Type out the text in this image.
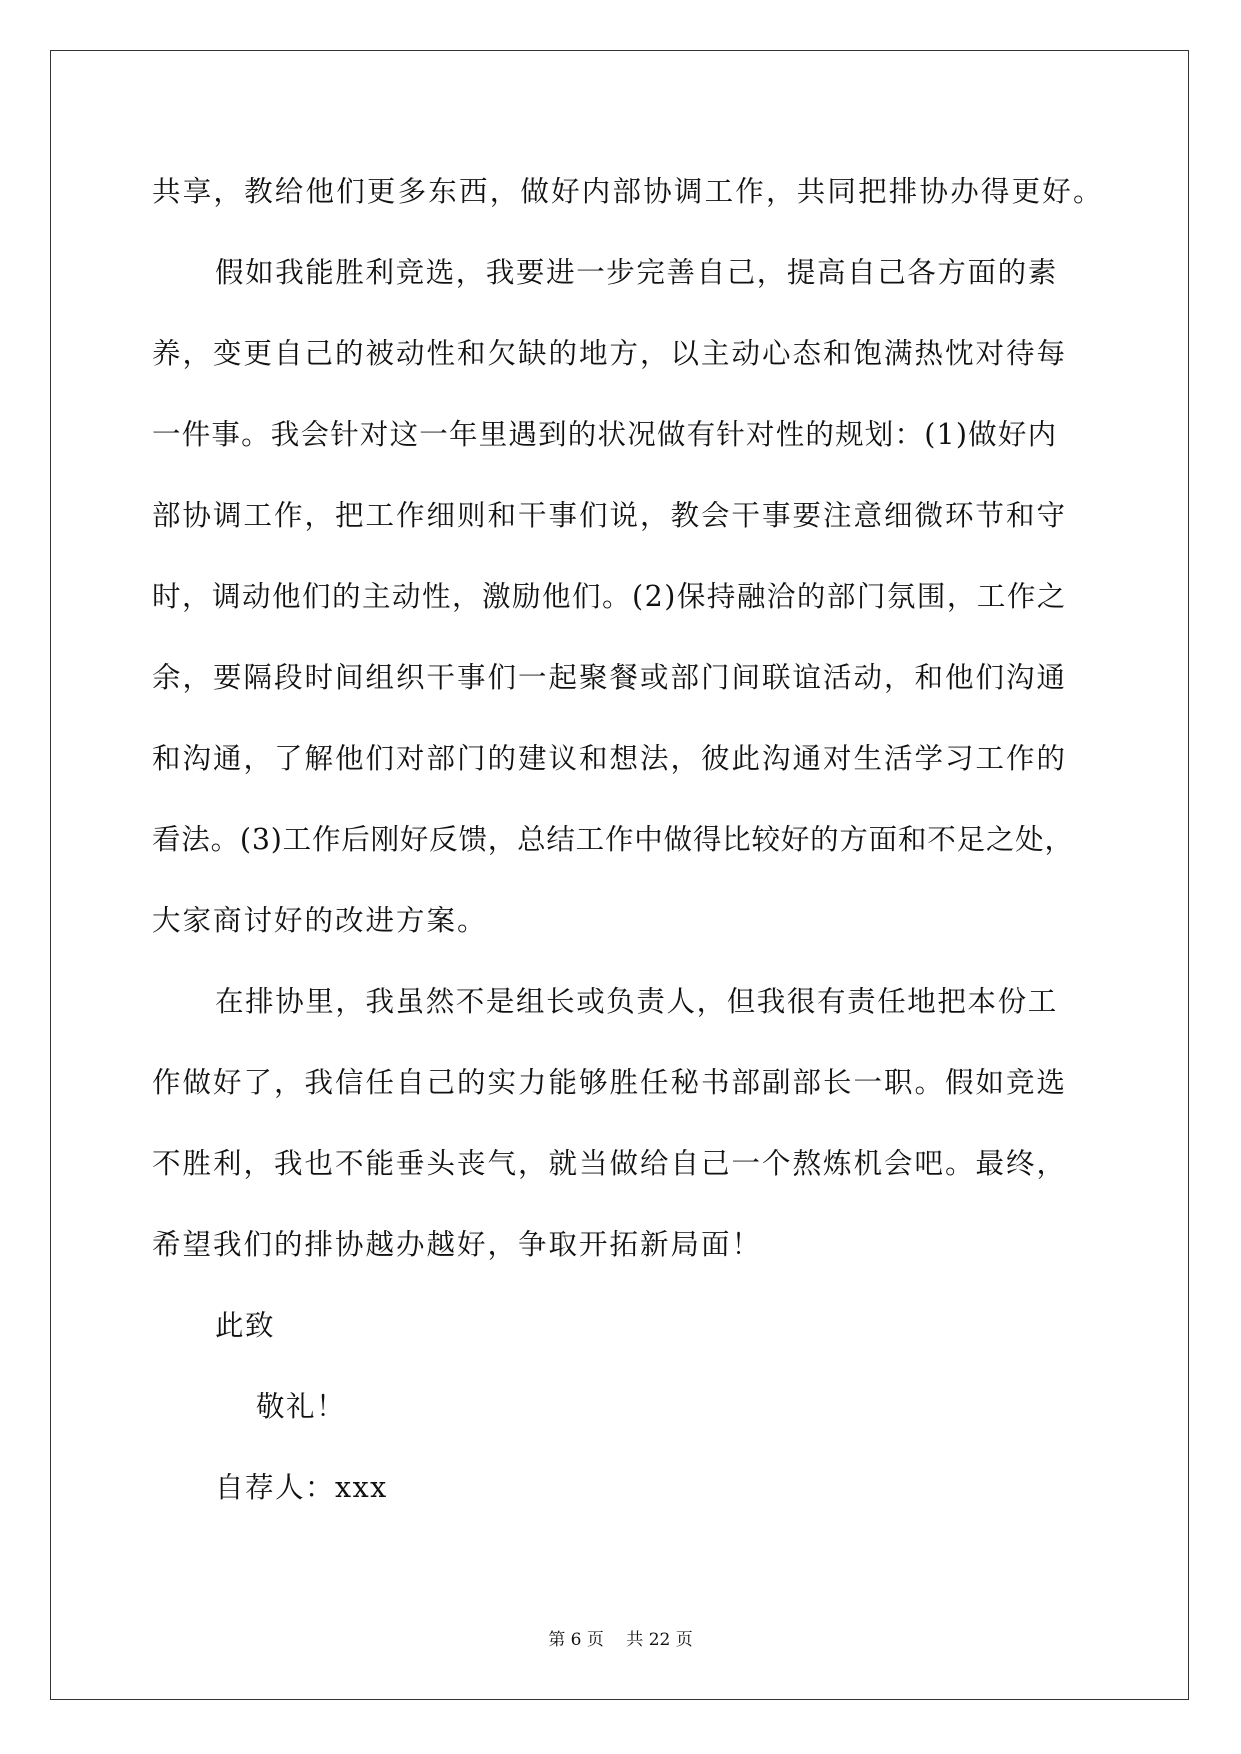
共享，教给他们更多东西，做好内部协调工作，共同把排协办得更好。
假如我能胜利竞选，我要进一步完善自己，提高自己各方面的素
养，变更自己的被动性和欠缺的地方，以主动心态和饱满热忱对待每
一件事。我会针对这一年里遇到的状况做有针对性的规划：(1)做好内
部协调工作，把工作细则和干事们说，教会干事要注意细微环节和守
时，调动他们的主动性，激励他们。(2)保持融洽的部门氛围，工作之
余，要隔段时间组织干事们一起聚餐或部门间联谊活动，和他们沟通
和沟通，了解他们对部门的建议和想法，彼此沟通对生活学习工作的
看法。(3)工作后刚好反馈，总结工作中做得比较好的方面和不足之处，
大家商讨好的改进方案。
在排协里，我虽然不是组长或负责人，但我很有责任地把本份工
作做好了，我信任自己的实力能够胜任秘书部副部长一职。假如竞选
不胜利，我也不能垂头丧气，就当做给自己一个熬炼机会吧。最终，
希望我们的排协越办越好，争取开拓新局面！
此致
敬礼！
自荐人：xxx
第 6 页　 共 22 页
